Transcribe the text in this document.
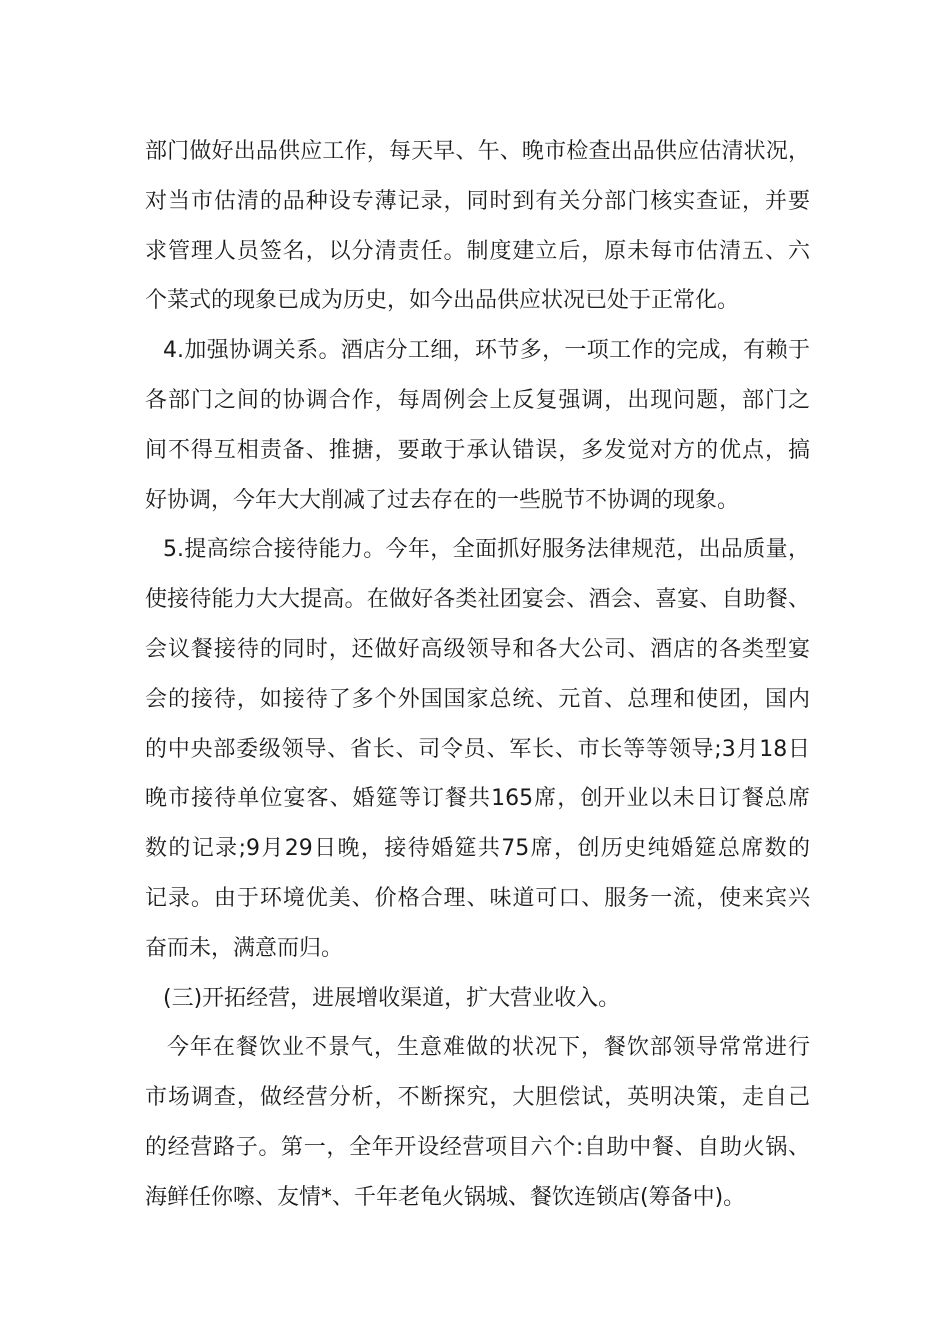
部门做好出品供应工作，每天早、午、晚市检查出品供应估清状况，
对当市估清的品种设专薄记录，同时到有关分部门核实查证，并要
求管理人员签名，以分清责任。制度建立后，原未每市估清五、六
个菜式的现象已成为历史，如今出品供应状况已处于正常化。
4.加强协调关系。酒店分工细，环节多，一项工作的完成，有赖于
各部门之间的协调合作，每周例会上反复强调，出现问题，部门之
间不得互相责备、推搪，要敢于承认错误，多发觉对方的优点，搞
好协调，今年大大削减了过去存在的一些脱节不协调的现象。
5.提高综合接待能力。今年，全面抓好服务法律规范，出品质量，
使接待能力大大提高。在做好各类社团宴会、酒会、喜宴、自助餐、
会议餐接待的同时，还做好高级领导和各大公司、酒店的各类型宴
会的接待，如接待了多个外国国家总统、元首、总理和使团，国内
的中央部委级领导、省长、司令员、军长、市长等等领导;3月18日
晚市接待单位宴客、婚筵等订餐共165席，创开业以未日订餐总席
数的记录;9月29日晚，接待婚筵共75席，创历史纯婚筵总席数的
记录。由于环境优美、价格合理、味道可口、服务一流，使来宾兴
奋而未，满意而归。
(三)开拓经营，进展增收渠道，扩大营业收入。
今年在餐饮业不景气，生意难做的状况下，餐饮部领导常常进行
市场调查，做经营分析，不断探究，大胆偿试，英明决策，走自己
的经营路子。第一，全年开设经营项目六个:自助中餐、自助火锅、
海鲜任你嚓、友情*、千年老龟火锅城、餐饮连锁店(筹备中)。
